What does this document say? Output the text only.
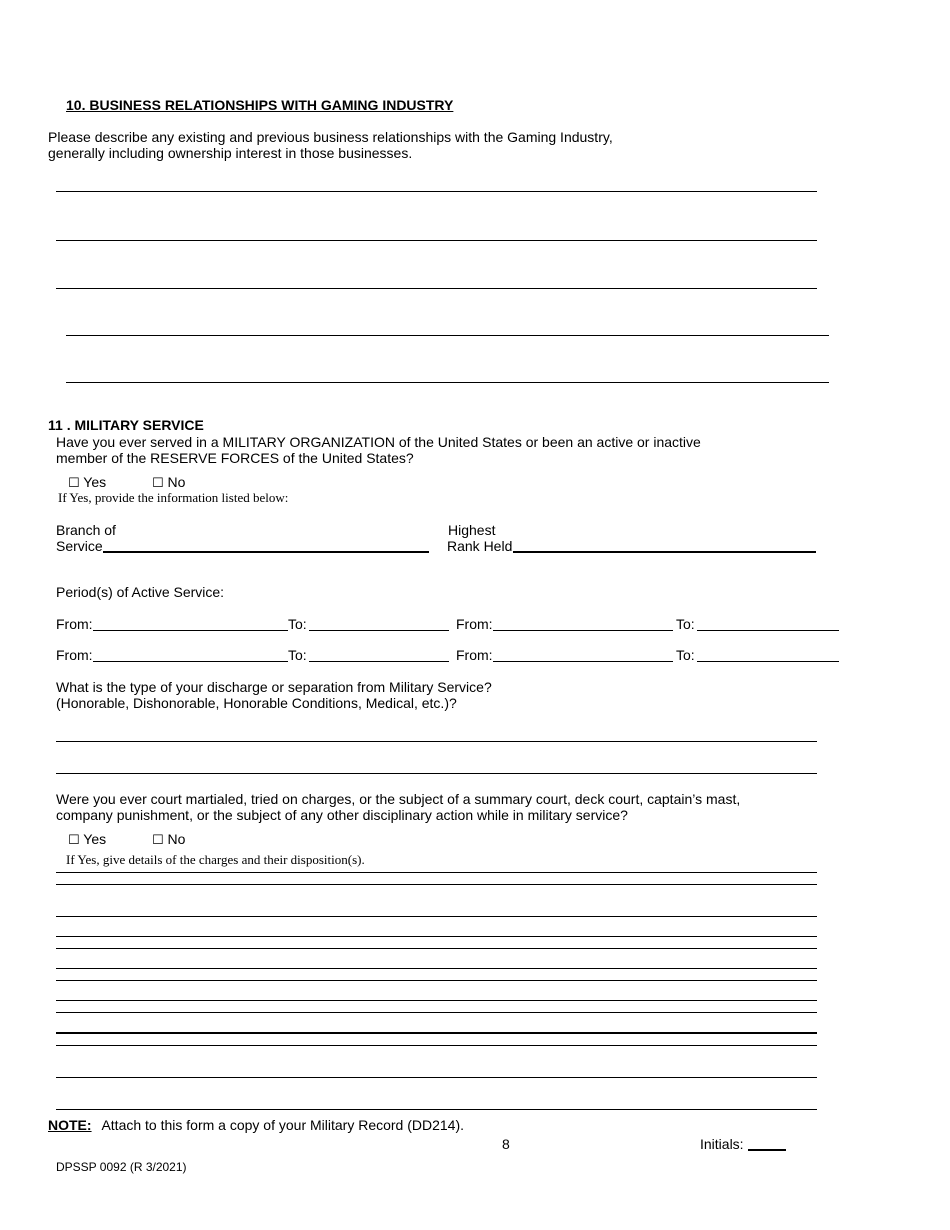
10. BUSINESS RELATIONSHIPS WITH GAMING INDUSTRY
Please describe any existing and previous business relationships with the Gaming Industry,
generally including ownership interest in those businesses.
11 . MILITARY SERVICE
Have you ever served in a MILITARY ORGANIZATION of the United States or been an active or inactive
member of the RESERVE FORCES of the United States?
☐ Yes	☐ No
If Yes, provide the information listed below:
Branch of
Service
Highest
Rank Held
Period(s) of Active Service:
From:	To:	From:	To:
From:	To:	From:	To:
What is the type of your discharge or separation from Military Service?
(Honorable, Dishonorable, Honorable Conditions, Medical, etc.)?
Were you ever court martialed, tried on charges, or the subject of a summary court, deck court, captain’s mast,
company punishment, or the subject of any other disciplinary action while in military service?
☐ Yes	☐ No
If Yes, give details of the charges and their disposition(s).
NOTE: Attach to this form a copy of your Military Record (DD214).
8	Initials:
DPSSP 0092 (R 3/2021)
